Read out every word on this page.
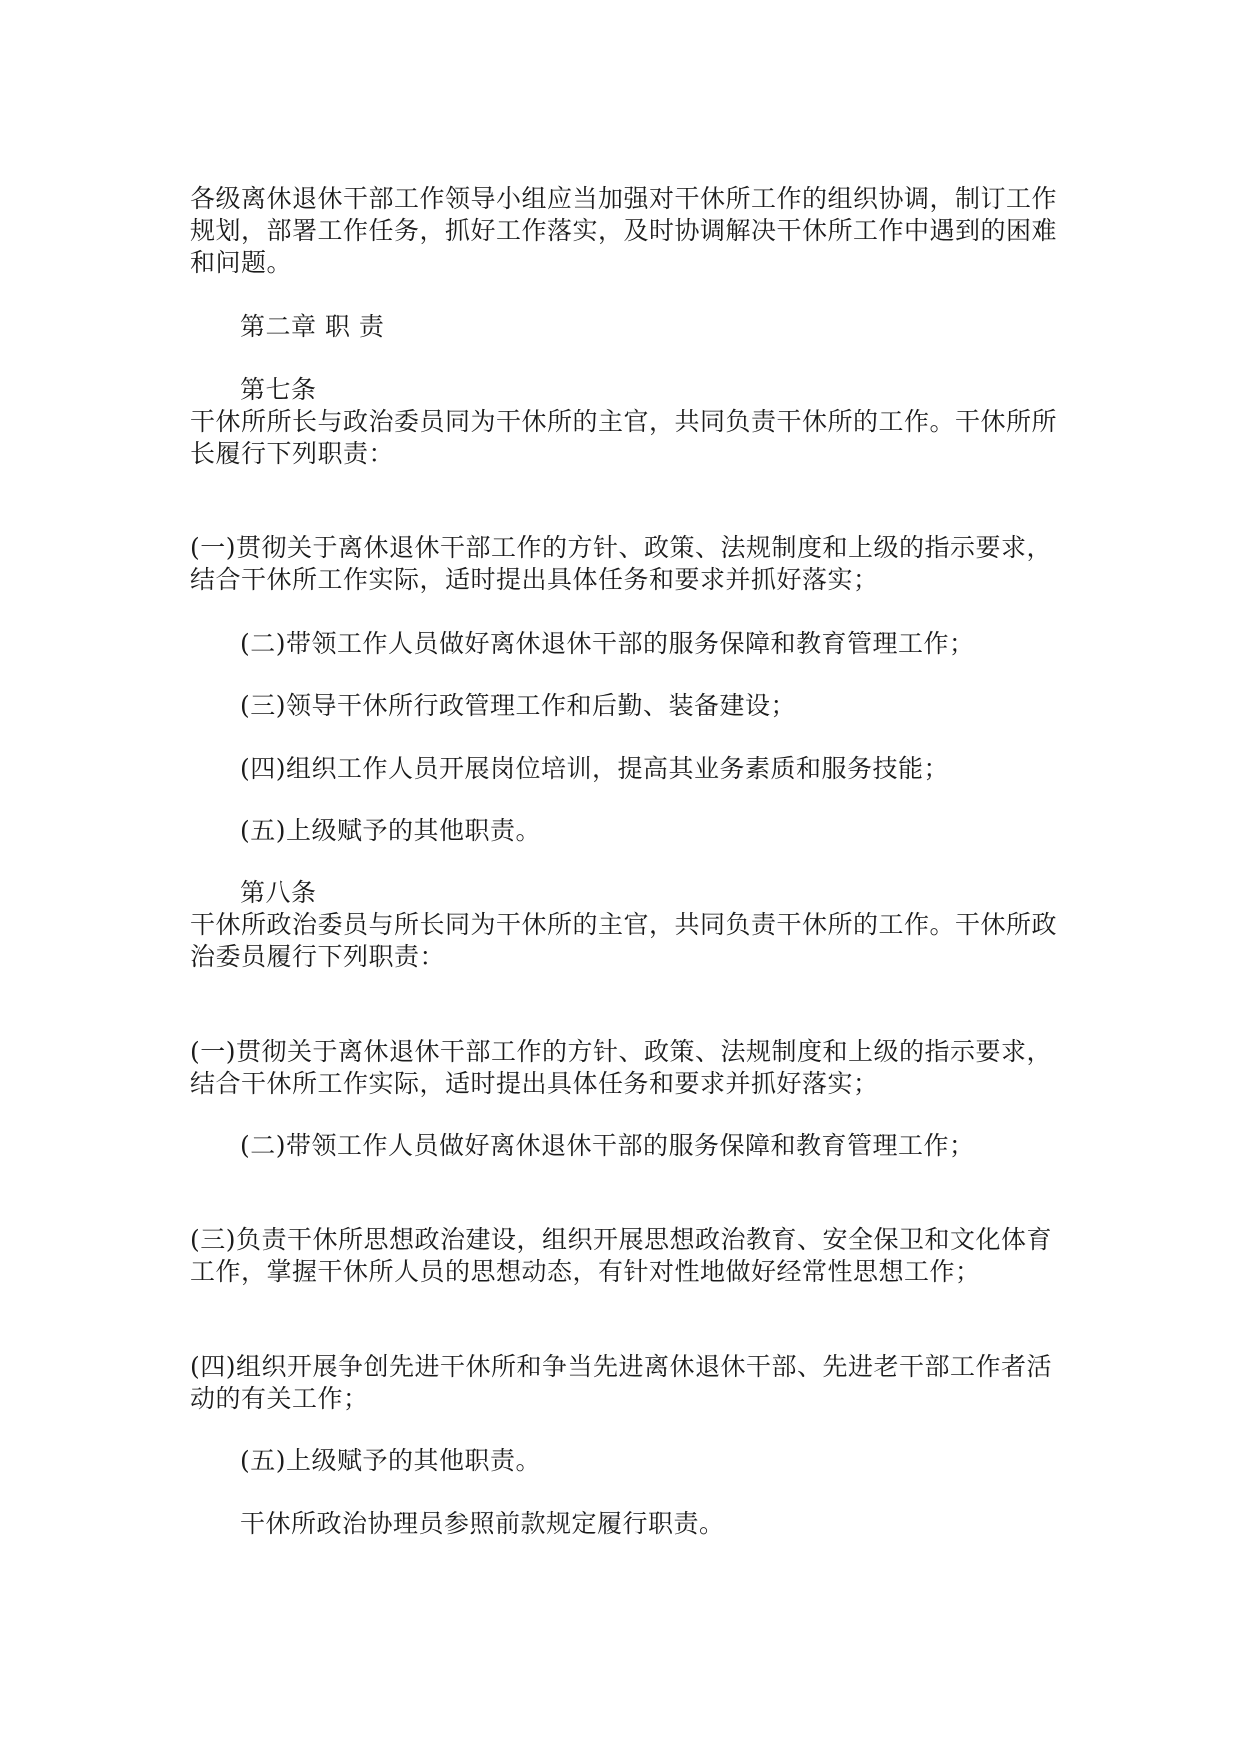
各级离休退休干部工作领导小组应当加强对干休所工作的组织协调，制订工作
规划，部署工作任务，抓好工作落实，及时协调解决干休所工作中遇到的困难
和问题。
第二章 职 责
第七条
干休所所长与政治委员同为干休所的主官，共同负责干休所的工作。干休所所
长履行下列职责：
(一)贯彻关于离休退休干部工作的方针、政策、法规制度和上级的指示要求，
结合干休所工作实际，适时提出具体任务和要求并抓好落实；
(二)带领工作人员做好离休退休干部的服务保障和教育管理工作；
(三)领导干休所行政管理工作和后勤、装备建设；
(四)组织工作人员开展岗位培训，提高其业务素质和服务技能；
(五)上级赋予的其他职责。
第八条
干休所政治委员与所长同为干休所的主官，共同负责干休所的工作。干休所政
治委员履行下列职责：
(一)贯彻关于离休退休干部工作的方针、政策、法规制度和上级的指示要求，
结合干休所工作实际，适时提出具体任务和要求并抓好落实；
(二)带领工作人员做好离休退休干部的服务保障和教育管理工作；
(三)负责干休所思想政治建设，组织开展思想政治教育、安全保卫和文化体育
工作，掌握干休所人员的思想动态，有针对性地做好经常性思想工作；
(四)组织开展争创先进干休所和争当先进离休退休干部、先进老干部工作者活
动的有关工作；
(五)上级赋予的其他职责。
干休所政治协理员参照前款规定履行职责。
